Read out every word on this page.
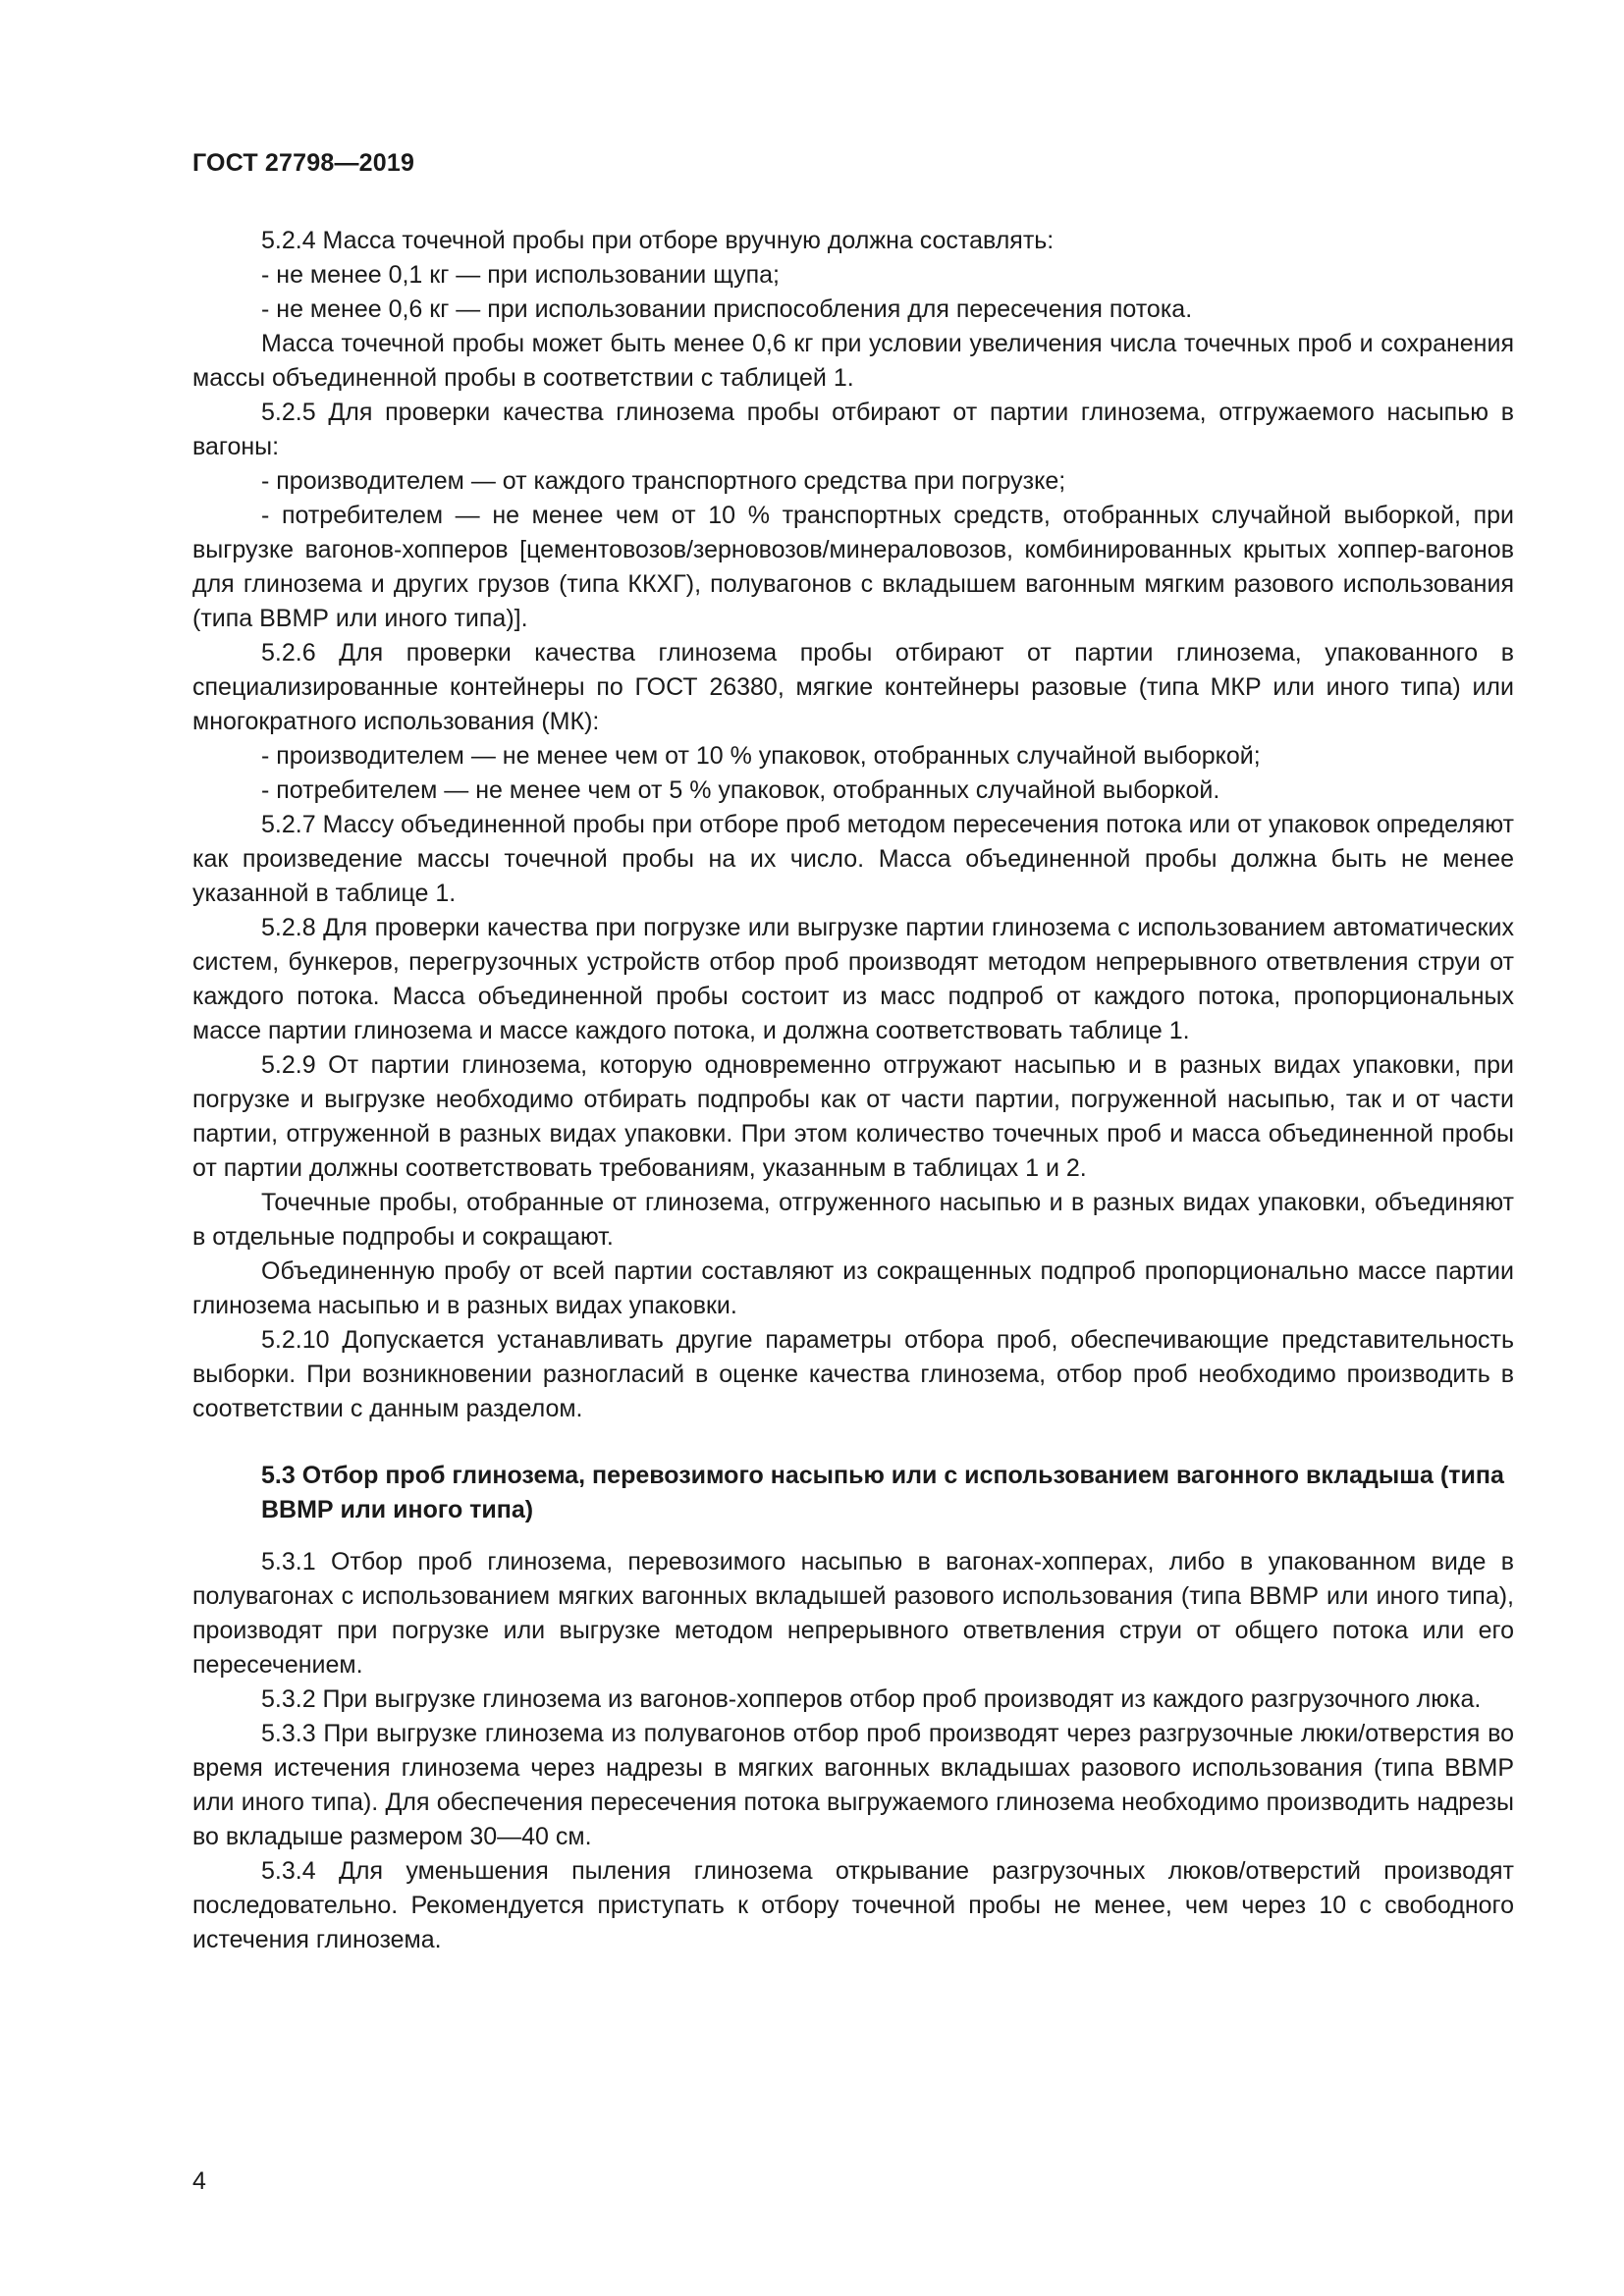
ГОСТ 27798—2019

5.2.4 Масса точечной пробы при отборе вручную должна составлять:

- не менее 0,1 кг — при использовании щупа;

- не менее 0,6 кг — при использовании приспособления для пересечения потока.

Масса точечной пробы может быть менее 0,6 кг при условии увеличения числа точечных проб и сохранения массы объединенной пробы в соответствии с таблицей 1.

5.2.5 Для проверки качества глинозема пробы отбирают от партии глинозема, отгружаемого насыпью в вагоны:

- производителем — от каждого транспортного средства при погрузке;

- потребителем — не менее чем от 10 % транспортных средств, отобранных случайной выборкой, при выгрузке вагонов-хопперов [цементовозов/зерновозов/минераловозов, комбинированных крытых хоппер-вагонов для глинозема и других грузов (типа ККХГ), полувагонов с вкладышем вагонным мягким разового использования (типа ВВМР или иного типа)].

5.2.6 Для проверки качества глинозема пробы отбирают от партии глинозема, упакованного в специализированные контейнеры по ГОСТ 26380, мягкие контейнеры разовые (типа МКР или иного типа) или многократного использования (МК):

- производителем — не менее чем от 10 % упаковок, отобранных случайной выборкой;

- потребителем — не менее чем от 5 % упаковок, отобранных случайной выборкой.

5.2.7 Массу объединенной пробы при отборе проб методом пересечения потока или от упаковок определяют как произведение массы точечной пробы на их число. Масса объединенной пробы должна быть не менее указанной в таблице 1.

5.2.8 Для проверки качества при погрузке или выгрузке партии глинозема с использованием автоматических систем, бункеров, перегрузочных устройств отбор проб производят методом непрерывного ответвления струи от каждого потока. Масса объединенной пробы состоит из масс подпроб от каждого потока, пропорциональных массе партии глинозема и массе каждого потока, и должна соответствовать таблице 1.

5.2.9 От партии глинозема, которую одновременно отгружают насыпью и в разных видах упаковки, при погрузке и выгрузке необходимо отбирать подпробы как от части партии, погруженной насыпью, так и от части партии, отгруженной в разных видах упаковки. При этом количество точечных проб и масса объединенной пробы от партии должны соответствовать требованиям, указанным в таблицах 1 и 2.

Точечные пробы, отобранные от глинозема, отгруженного насыпью и в разных видах упаковки, объединяют в отдельные подпробы и сокращают.

Объединенную пробу от всей партии составляют из сокращенных подпроб пропорционально массе партии глинозема насыпью и в разных видах упаковки.

5.2.10 Допускается устанавливать другие параметры отбора проб, обеспечивающие представительность выборки. При возникновении разногласий в оценке качества глинозема, отбор проб необходимо производить в соответствии с данным разделом.

5.3 Отбор проб глинозема, перевозимого насыпью или с использованием вагонного вкладыша (типа ВВМР или иного типа)

5.3.1 Отбор проб глинозема, перевозимого насыпью в вагонах-хопперах, либо в упакованном виде в полувагонах с использованием мягких вагонных вкладышей разового использования (типа ВВМР или иного типа), производят при погрузке или выгрузке методом непрерывного ответвления струи от общего потока или его пересечением.

5.3.2 При выгрузке глинозема из вагонов-хопперов отбор проб производят из каждого разгрузочного люка.

5.3.3 При выгрузке глинозема из полувагонов отбор проб производят через разгрузочные люки/отверстия во время истечения глинозема через надрезы в мягких вагонных вкладышах разового использования (типа ВВМР или иного типа). Для обеспечения пересечения потока выгружаемого глинозема необходимо производить надрезы во вкладыше размером 30—40 см.

5.3.4 Для уменьшения пыления глинозема открывание разгрузочных люков/отверстий производят последовательно. Рекомендуется приступать к отбору точечной пробы не менее, чем через 10 с свободного истечения глинозема.

4
